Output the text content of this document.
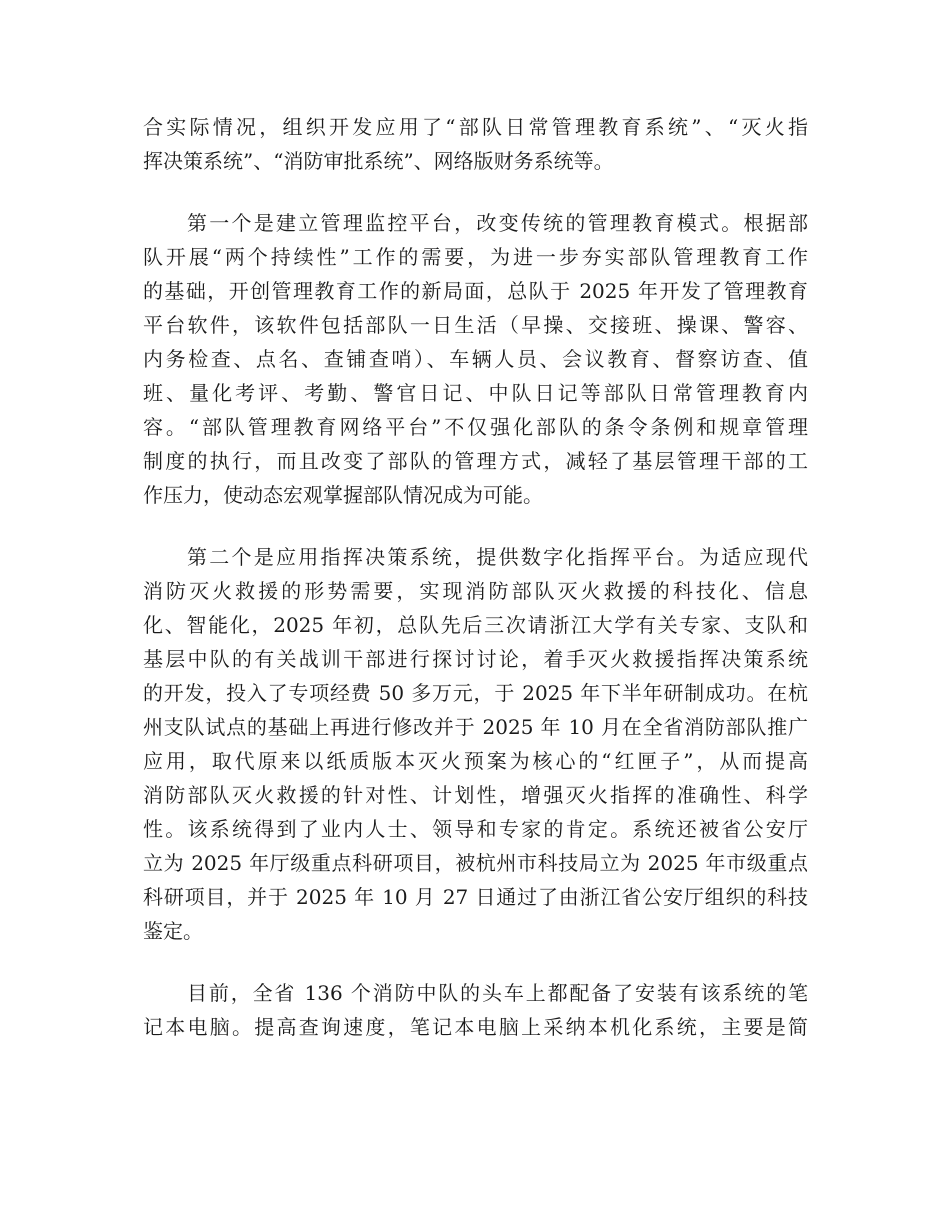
合实际情况，组织开发应用了“部队日常管理教育系统”、“灭火指
挥决策系统”、“消防审批系统”、网络版财务系统等。
第一个是建立管理监控平台，改变传统的管理教育模式。根据部
队开展“两个持续性”工作的需要，为进一步夯实部队管理教育工作
的基础，开创管理教育工作的新局面，总队于 2025 年开发了管理教育
平台软件，该软件包括部队一日生活（早操、交接班、操课、警容、
内务检查、点名、查铺查哨）、车辆人员、会议教育、督察访查、值
班、量化考评、考勤、警官日记、中队日记等部队日常管理教育内
容。“部队管理教育网络平台”不仅强化部队的条令条例和规章管理
制度的执行，而且改变了部队的管理方式，减轻了基层管理干部的工
作压力，使动态宏观掌握部队情况成为可能。
第二个是应用指挥决策系统，提供数字化指挥平台。为适应现代
消防灭火救援的形势需要，实现消防部队灭火救援的科技化、信息
化、智能化，2025 年初，总队先后三次请浙江大学有关专家、支队和
基层中队的有关战训干部进行探讨讨论，着手灭火救援指挥决策系统
的开发，投入了专项经费 50 多万元，于 2025 年下半年研制成功。在杭
州支队试点的基础上再进行修改并于 2025 年 10 月在全省消防部队推广
应用，取代原来以纸质版本灭火预案为核心的“红匣子”，从而提高
消防部队灭火救援的针对性、计划性，增强灭火指挥的准确性、科学
性。该系统得到了业内人士、领导和专家的肯定。系统还被省公安厅
立为 2025 年厅级重点科研项目，被杭州市科技局立为 2025 年市级重点
科研项目，并于 2025 年 10 月 27 日通过了由浙江省公安厅组织的科技
鉴定。
目前，全省 136 个消防中队的头车上都配备了安装有该系统的笔
记本电脑。提高查询速度，笔记本电脑上采纳本机化系统，主要是简
